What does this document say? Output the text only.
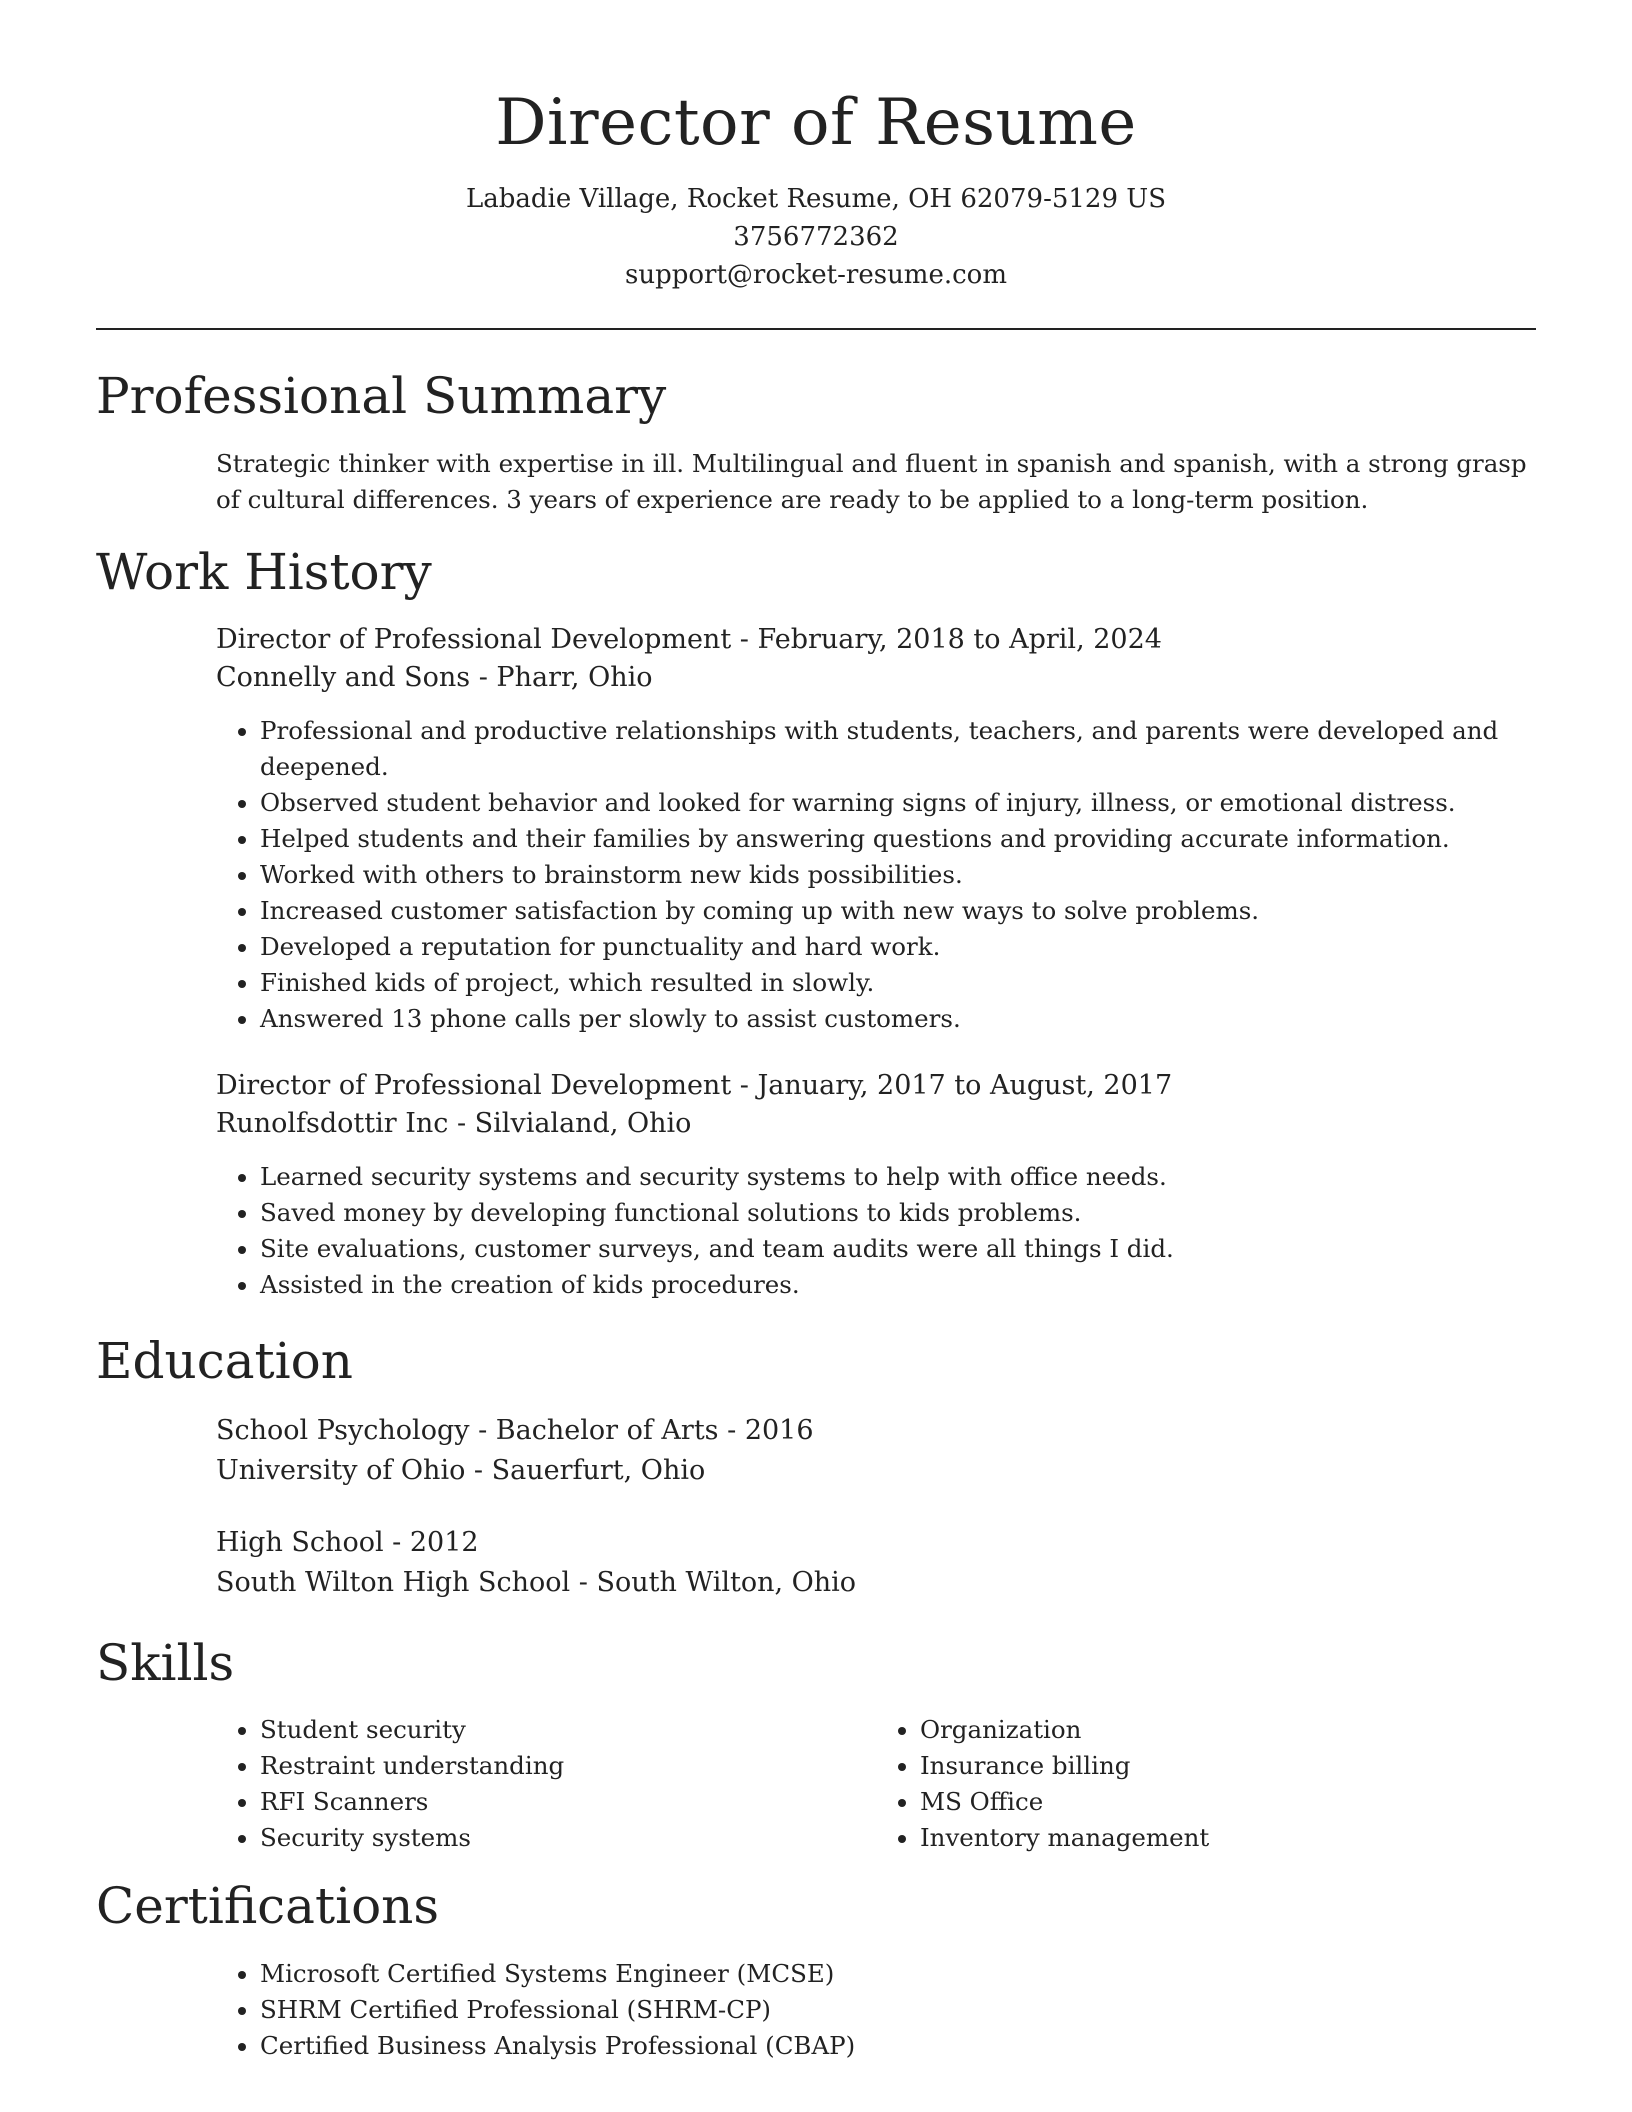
Director of Resume

Labadie Village, Rocket Resume, OH 62079-5129 US

3756772362

support@rocket-resume.com

Professional Summary

Strategic thinker with expertise in ill. Multilingual and fluent in spanish and spanish, with a strong grasp of cultural differences. 3 years of experience are ready to be applied to a long-term position.

Work History

Director of Professional Development - February, 2018 to April, 2024

Connelly and Sons - Pharr, Ohio

• Professional and productive relationships with students, teachers, and parents were developed and deepened.
• Observed student behavior and looked for warning signs of injury, illness, or emotional distress.
• Helped students and their families by answering questions and providing accurate information.
• Worked with others to brainstorm new kids possibilities.
• Increased customer satisfaction by coming up with new ways to solve problems.
• Developed a reputation for punctuality and hard work.
• Finished kids of project, which resulted in slowly.
• Answered 13 phone calls per slowly to assist customers.

Director of Professional Development - January, 2017 to August, 2017

Runolfsdottir Inc - Silvialand, Ohio

• Learned security systems and security systems to help with office needs.
• Saved money by developing functional solutions to kids problems.
• Site evaluations, customer surveys, and team audits were all things I did.
• Assisted in the creation of kids procedures.
Education

School Psychology - Bachelor of Arts - 2016

University of Ohio - Sauerfurt, Ohio

High School - 2012

South Wilton High School - South Wilton, Ohio

Skills
• Student security
• Restraint understanding
• RFI Scanners
• Security systems
• Organization
• Insurance billing
• MS Office
• Inventory management
Certifications
• Microsoft Certified Systems Engineer (MCSE)
• SHRM Certified Professional (SHRM-CP)
• Certified Business Analysis Professional (CBAP)
